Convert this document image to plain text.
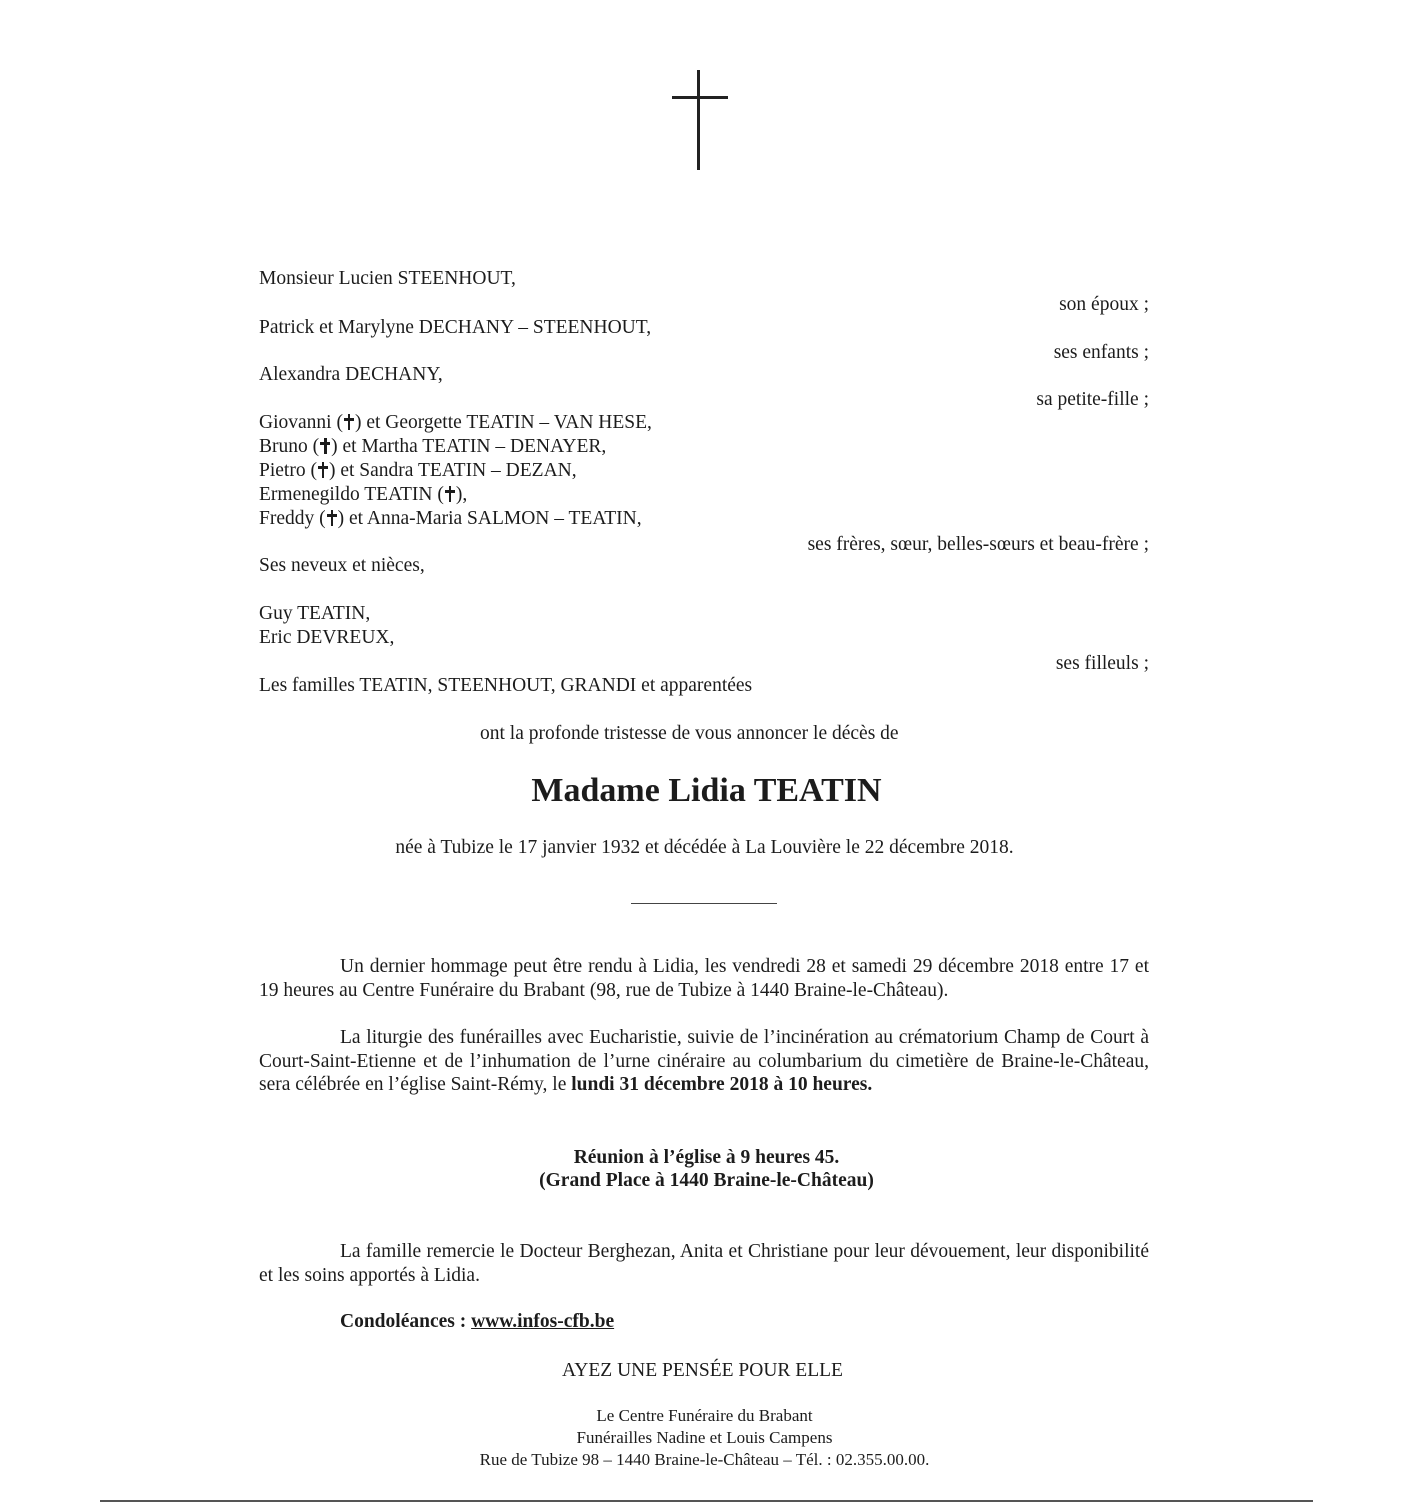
Monsieur Lucien STEENHOUT,
son époux ;
Patrick et Marylyne DECHANY – STEENHOUT,
ses enfants ;
Alexandra DECHANY,
sa petite-fille ;
Giovanni ( ) et Georgette TEATIN – VAN HESE,
Bruno ( ) et Martha TEATIN – DENAYER,
Pietro ( ) et Sandra TEATIN – DEZAN,
Ermenegildo TEATIN ( ),
Freddy ( ) et Anna-Maria SALMON – TEATIN,
ses frères, sœur, belles-sœurs et beau-frère ;
Ses neveux et nièces,
Guy TEATIN,
Eric DEVREUX,
ses filleuls ;
Les familles TEATIN, STEENHOUT, GRANDI et apparentées
ont la profonde tristesse de vous annoncer le décès de
Madame Lidia TEATIN
née à Tubize le 17 janvier 1932 et décédée à La Louvière le 22 décembre 2018.
Un dernier hommage peut être rendu à Lidia, les vendredi 28 et samedi 29 décembre 2018 entre 17 et 19 heures au Centre Funéraire du Brabant (98, rue de Tubize à 1440 Braine-le-Château).
La liturgie des funérailles avec Eucharistie, suivie de l’incinération au crématorium Champ de Court à Court-Saint-Etienne et de l’inhumation de l’urne cinéraire au columbarium du cimetière de Braine-le-Château, sera célébrée en l’église Saint-Rémy, le lundi 31 décembre 2018 à 10 heures.
Réunion à l’église à 9 heures 45.
(Grand Place à 1440 Braine-le-Château)
La famille remercie le Docteur Berghezan, Anita et Christiane pour leur dévouement, leur disponibilité et les soins apportés à Lidia.
Condoléances : www.infos-cfb.be
AYEZ UNE PENSÉE POUR ELLE
Le Centre Funéraire du Brabant
Funérailles Nadine et Louis Campens
Rue de Tubize 98 – 1440 Braine-le-Château – Tél. : 02.355.00.00.
